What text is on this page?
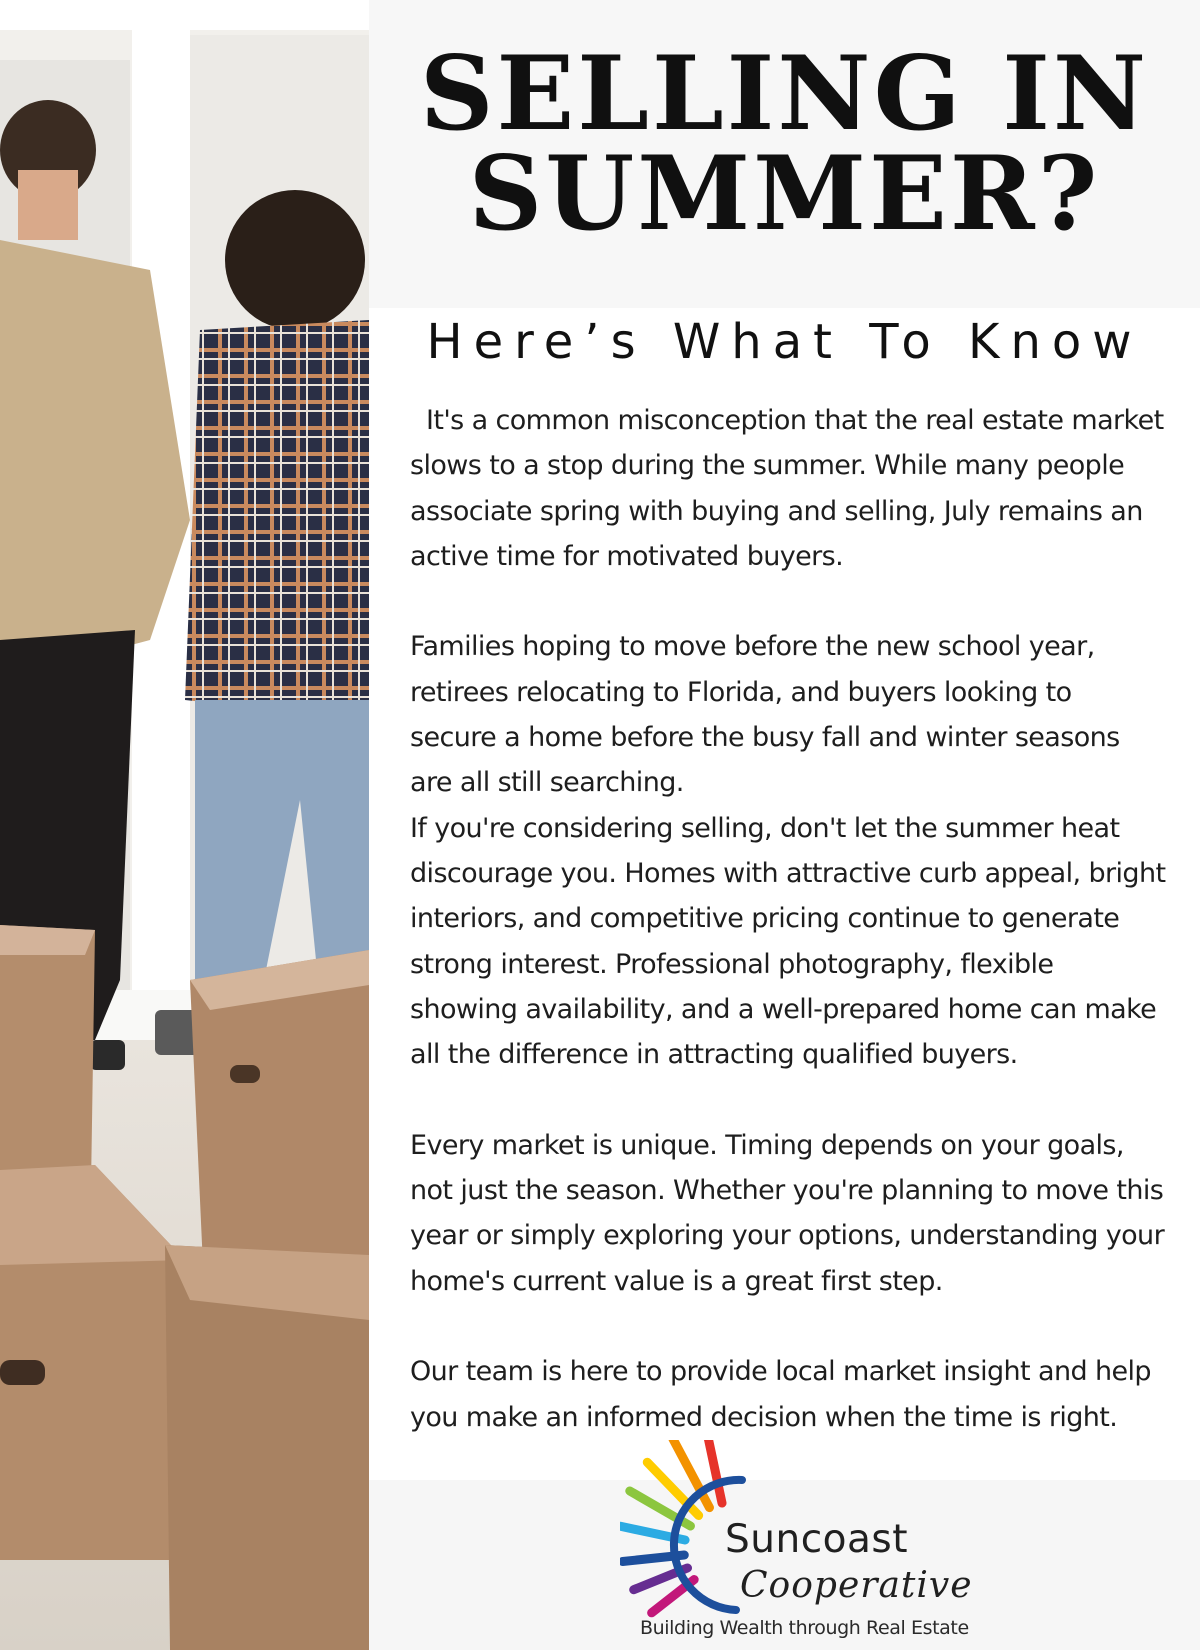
SELLING IN
SUMMER?
Here’s What To Know
It's a common misconception that the real estate market
slows to a stop during the summer. While many people
associate spring with buying and selling, July remains an
active time for motivated buyers.
Families hoping to move before the new school year,
retirees relocating to Florida, and buyers looking to
secure a home before the busy fall and winter seasons
are all still searching.
If you're considering selling, don't let the summer heat
discourage you. Homes with attractive curb appeal, bright
interiors, and competitive pricing continue to generate
strong interest. Professional photography, flexible
showing availability, and a well-prepared home can make
all the difference in attracting qualified buyers.
Every market is unique. Timing depends on your goals,
not just the season. Whether you're planning to move this
year or simply exploring your options, understanding your
home's current value is a great first step.
Our team is here to provide local market insight and help
you make an informed decision when the time is right.
Suncoast
Cooperative
Building Wealth through Real Estate
